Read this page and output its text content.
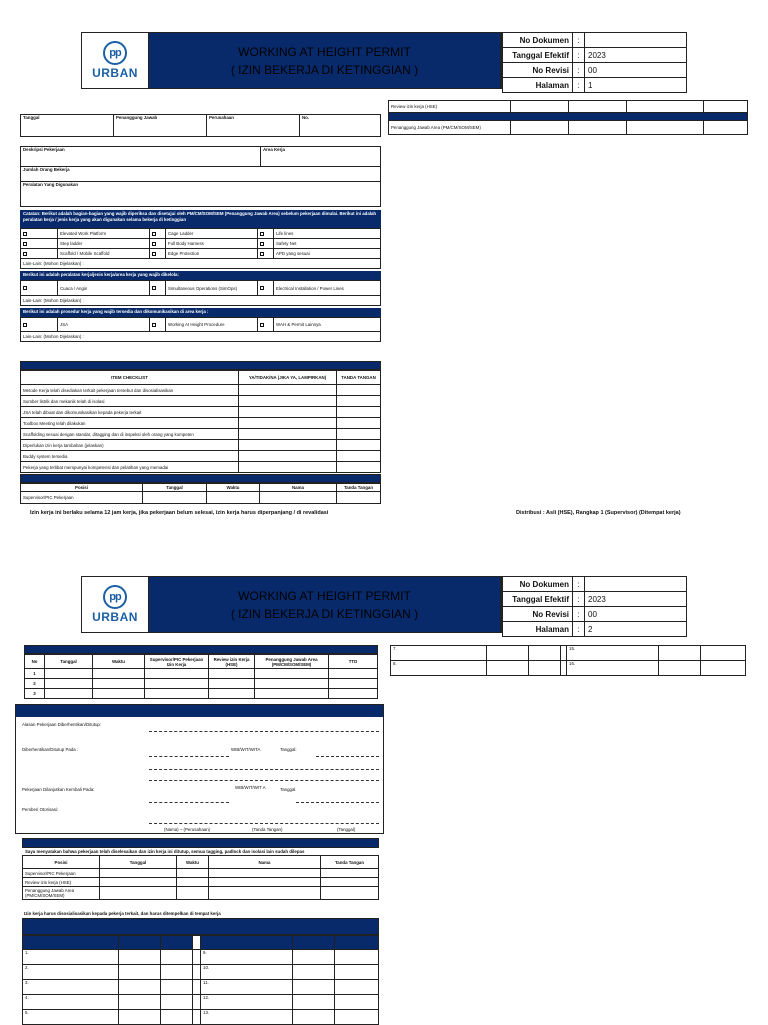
pp
URBAN
WORKING AT HEIGHT PERMIT
( IZIN BEKERJA DI KETINGGIAN )
No Dokumen	:	
Tanggal Efektif	:	2023
No Revisi	:	00
Halaman	:	1
Review izin kerja (HSE)				

Penanggung Jawab Area (PM/CM/SOM/SEM)				
Tanggal	Penanggung Jawab	Perusahaan	No.
Deskripsi Pekerjaan	Area Kerja
Jumlah Orang Bekerja
Peralatan Yang Digunakan
Catatan: Berikut adalah bagian-bagian yang wajib diperiksa dan disetujui oleh PM/CM/SOM/SEM (Penanggung Jawab Area) sebelum pekerjaan dimulai. Berikut ini adalah peralatan kerja / jenis kerja yang akan digunakan selama bekerja di ketinggian
	Elevated Work Platform		Cage Ladder		Life lines
	Step ladder		Full Body Harness		Safety Net
	Scaffold / Mobile Scaffold		Edge Protection		APD yang sesuai
Lain-Lain: (Mohon Dijelaskan) :					
Berikut ini adalah peralatan kerja/jenis kerja/area kerja yang wajib dikelola:
	Cuaca / Angin		Simultaneous Operations (SimOps)		Electrical Installation / Power Lines
Lain-Lain: (Mohon Dijelaskan) :
Berikut ini adalah prosedur kerja yang wajib tersedia dan dikomunikasikan di area kerja :
	JSA		Working At Height Procedure		WAH & Permit Lainnya
Lain-Lain: (Mohon Dijelaskan) :
ITEM CHECKLIST	YA/TIDAK/NA (JIKA YA, LAMPIRKAN)	TANDA TANGAN
Metode Kerja telah disediakan terkait pekerjaan tersebut dan disosialisasikan		
Sumber listrik dan mekanik telah di isolasi		
JSA telah dibuat dan dikomunikasikan kepada pekerja terkait		
Toolbox Meeting telah dilakukan		
Scaffolding sesuai dengan standar, ditagging dan di inspeksi oleh orang yang kompeten		
Diperlukan izin kerja tambahan (jelaskan)		
Buddy system tersedia		
Pekerja yang terlibat mempunyai kompetensi dan pelatihan yang memadai		
Posisi	Tanggal	Waktu	Nama	Tanda Tangan
Supervisor/PIC Pekerjaan				
Izin kerja ini berlaku selama 12 jam kerja, jika pekerjaan belum selesai, izin kerja harus diperpanjang / di revalidasi	Distribusi : Asli (HSE), Rangkap 1 (Supervisor) (Ditempat kerja)
pp
URBAN
WORKING AT HEIGHT PERMIT
( IZIN BEKERJA DI KETINGGIAN )
No Dokumen	:	
Tanggal Efektif	:	2023
No Revisi	:	00
Halaman	:	2
7.				15.		
8.				16.		
No	Tanggal	Waktu	Supervisor/PIC Pekerjaan Izin Kerja	Review izin Kerja (HSE)	Penanggung Jawab Area (PM/CM/SOM/SEM)	TTD
1						
2						
3						
Alasan Pekerjaan Diberhentikan/Ditutup:
Diberhentikan/Ditutup Pada :	WIB/WIT/WITA	Tanggal:
Pekerjaan Dilanjutkan Kembali Pada:	WIB/WIT/WIT A	Tanggal
Pemberi Otorisasi:
(Nama) – (Perusahaan)	(Tanda Tangan)	(Tanggal)
Saya menyatakan bahwa pekerjaan telah diselesaikan dan izin kerja ini ditutup, semua tagging, padlock dan isolasi lain sudah dilepas
Posisi	Tanggal	Waktu	Nama	Tanda Tangan
Supervisor/PIC Pekerjaan				
Review izin kerja (HSE)				
Penanggung Jawab Area (PM/CM/SOM/SEM)				
Izin kerja harus disosialisasikan kepada pekerja terkait, dan harus ditempelkan di tempat kerja

1.				9.		
2.				10.		
3.				11.		
4.				12.		
5.				13.		
